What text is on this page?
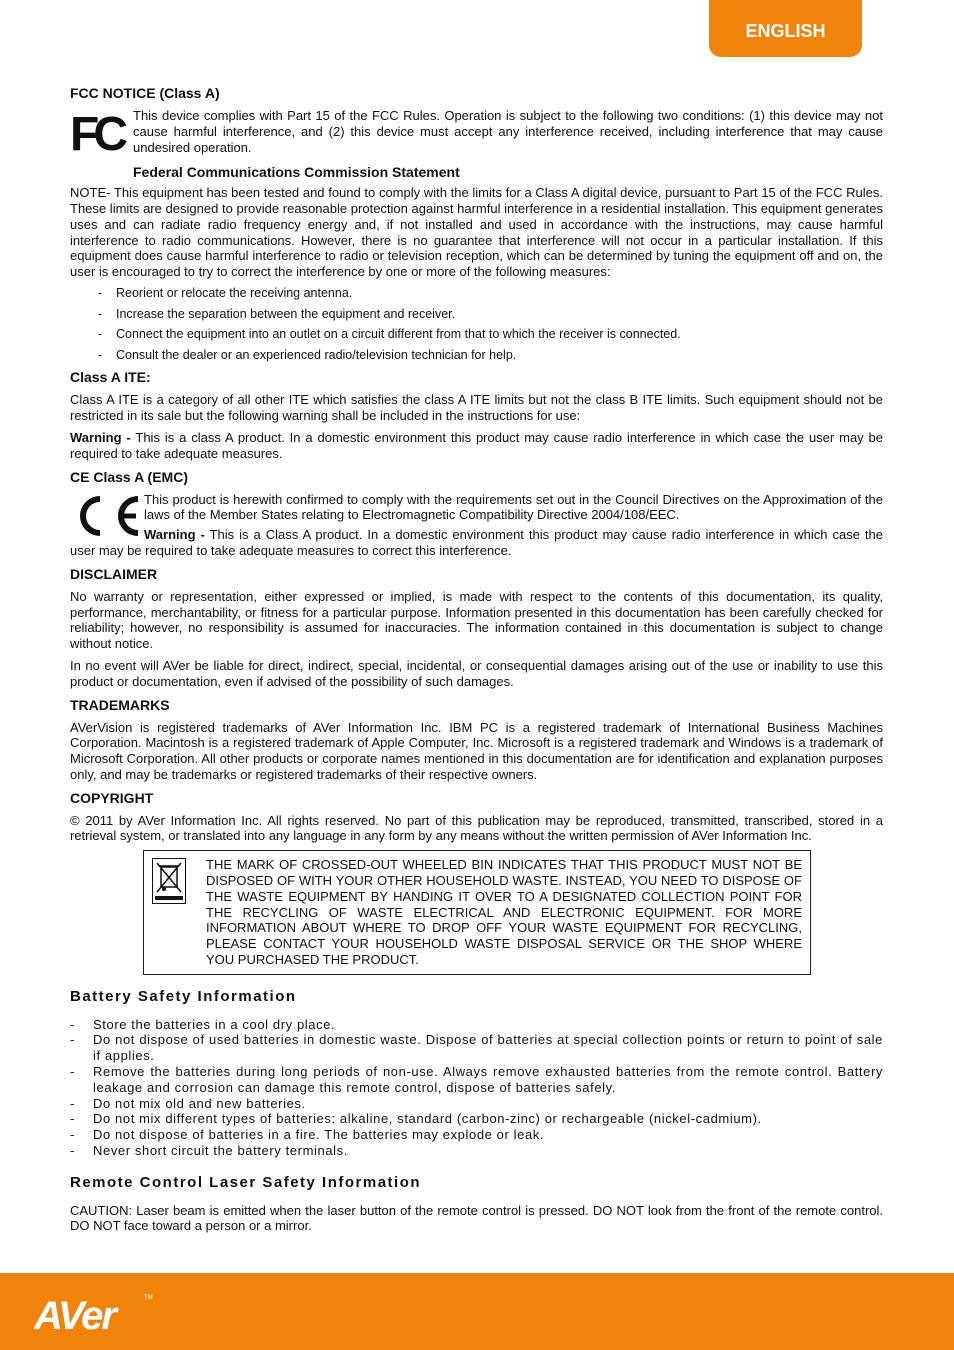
ENGLISH
FCC NOTICE (Class A)
FC This device complies with Part 15 of the FCC Rules. Operation is subject to the following two conditions: (1) this device may not cause harmful interference, and (2) this device must accept any interference received, including interference that may cause undesired operation.

Federal Communications Commission Statement

NOTE- This equipment has been tested and found to comply with the limits for a Class A digital device, pursuant to Part 15 of the FCC Rules. These limits are designed to provide reasonable protection against harmful interference in a residential installation. This equipment generates uses and can radiate radio frequency energy and, if not installed and used in accordance with the instructions, may cause harmful interference to radio communications. However, there is no guarantee that interference will not occur in a particular installation. If this equipment does cause harmful interference to radio or television reception, which can be determined by tuning the equipment off and on, the user is encouraged to try to correct the interference by one or more of the following measures:

- Reorient or relocate the receiving antenna.
- Increase the separation between the equipment and receiver.
- Connect the equipment into an outlet on a circuit different from that to which the receiver is connected.
- Consult the dealer or an experienced radio/television technician for help.
Class A ITE:

Class A ITE is a category of all other ITE which satisfies the class A ITE limits but not the class B ITE limits. Such equipment should not be restricted in its sale but the following warning shall be included in the instructions for use:

Warning - This is a class A product. In a domestic environment this product may cause radio interference in which case the user may be required to take adequate measures.

CE Class A (EMC)

This product is herewith confirmed to comply with the requirements set out in the Council Directives on the Approximation of the laws of the Member States relating to Electromagnetic Compatibility Directive 2004/108/EEC.

Warning - This is a Class A product. In a domestic environment this product may cause radio interference in which case the user may be required to take adequate measures to correct this interference.

DISCLAIMER

No warranty or representation, either expressed or implied, is made with respect to the contents of this documentation, its quality, performance, merchantability, or fitness for a particular purpose. Information presented in this documentation has been carefully checked for reliability; however, no responsibility is assumed for inaccuracies. The information contained in this documentation is subject to change without notice.

In no event will AVer be liable for direct, indirect, special, incidental, or consequential damages arising out of the use or inability to use this product or documentation, even if advised of the possibility of such damages.

TRADEMARKS

AVerVision is registered trademarks of AVer Information Inc. IBM PC is a registered trademark of International Business Machines Corporation. Macintosh is a registered trademark of Apple Computer, Inc. Microsoft is a registered trademark and Windows is a trademark of Microsoft Corporation. All other products or corporate names mentioned in this documentation are for identification and explanation purposes only, and may be trademarks or registered trademarks of their respective owners.

COPYRIGHT

© 2011 by AVer Information Inc. All rights reserved. No part of this publication may be reproduced, transmitted, transcribed, stored in a retrieval system, or translated into any language in any form by any means without the written permission of AVer Information Inc.

THE MARK OF CROSSED-OUT WHEELED BIN INDICATES THAT THIS PRODUCT MUST NOT BE DISPOSED OF WITH YOUR OTHER HOUSEHOLD WASTE. INSTEAD, YOU NEED TO DISPOSE OF THE WASTE EQUIPMENT BY HANDING IT OVER TO A DESIGNATED COLLECTION POINT FOR THE RECYCLING OF WASTE ELECTRICAL AND ELECTRONIC EQUIPMENT. FOR MORE INFORMATION ABOUT WHERE TO DROP OFF YOUR WASTE EQUIPMENT FOR RECYCLING, PLEASE CONTACT YOUR HOUSEHOLD WASTE DISPOSAL SERVICE OR THE SHOP WHERE YOU PURCHASED THE PRODUCT.
Battery Safety Information
- Store the batteries in a cool dry place.
- Do not dispose of used batteries in domestic waste. Dispose of batteries at special collection points or return to point of sale if applies.
- Remove the batteries during long periods of non-use. Always remove exhausted batteries from the remote control. Battery leakage and corrosion can damage this remote control, dispose of batteries safely.
- Do not mix old and new batteries.
- Do not mix different types of batteries: alkaline, standard (carbon-zinc) or rechargeable (nickel-cadmium).
- Do not dispose of batteries in a fire. The batteries may explode or leak.
- Never short circuit the battery terminals.
Remote Control Laser Safety Information

CAUTION: Laser beam is emitted when the laser button of the remote control is pressed. DO NOT look from the front of the remote control. DO NOT face toward a person or a mirror.

AVer	TM
